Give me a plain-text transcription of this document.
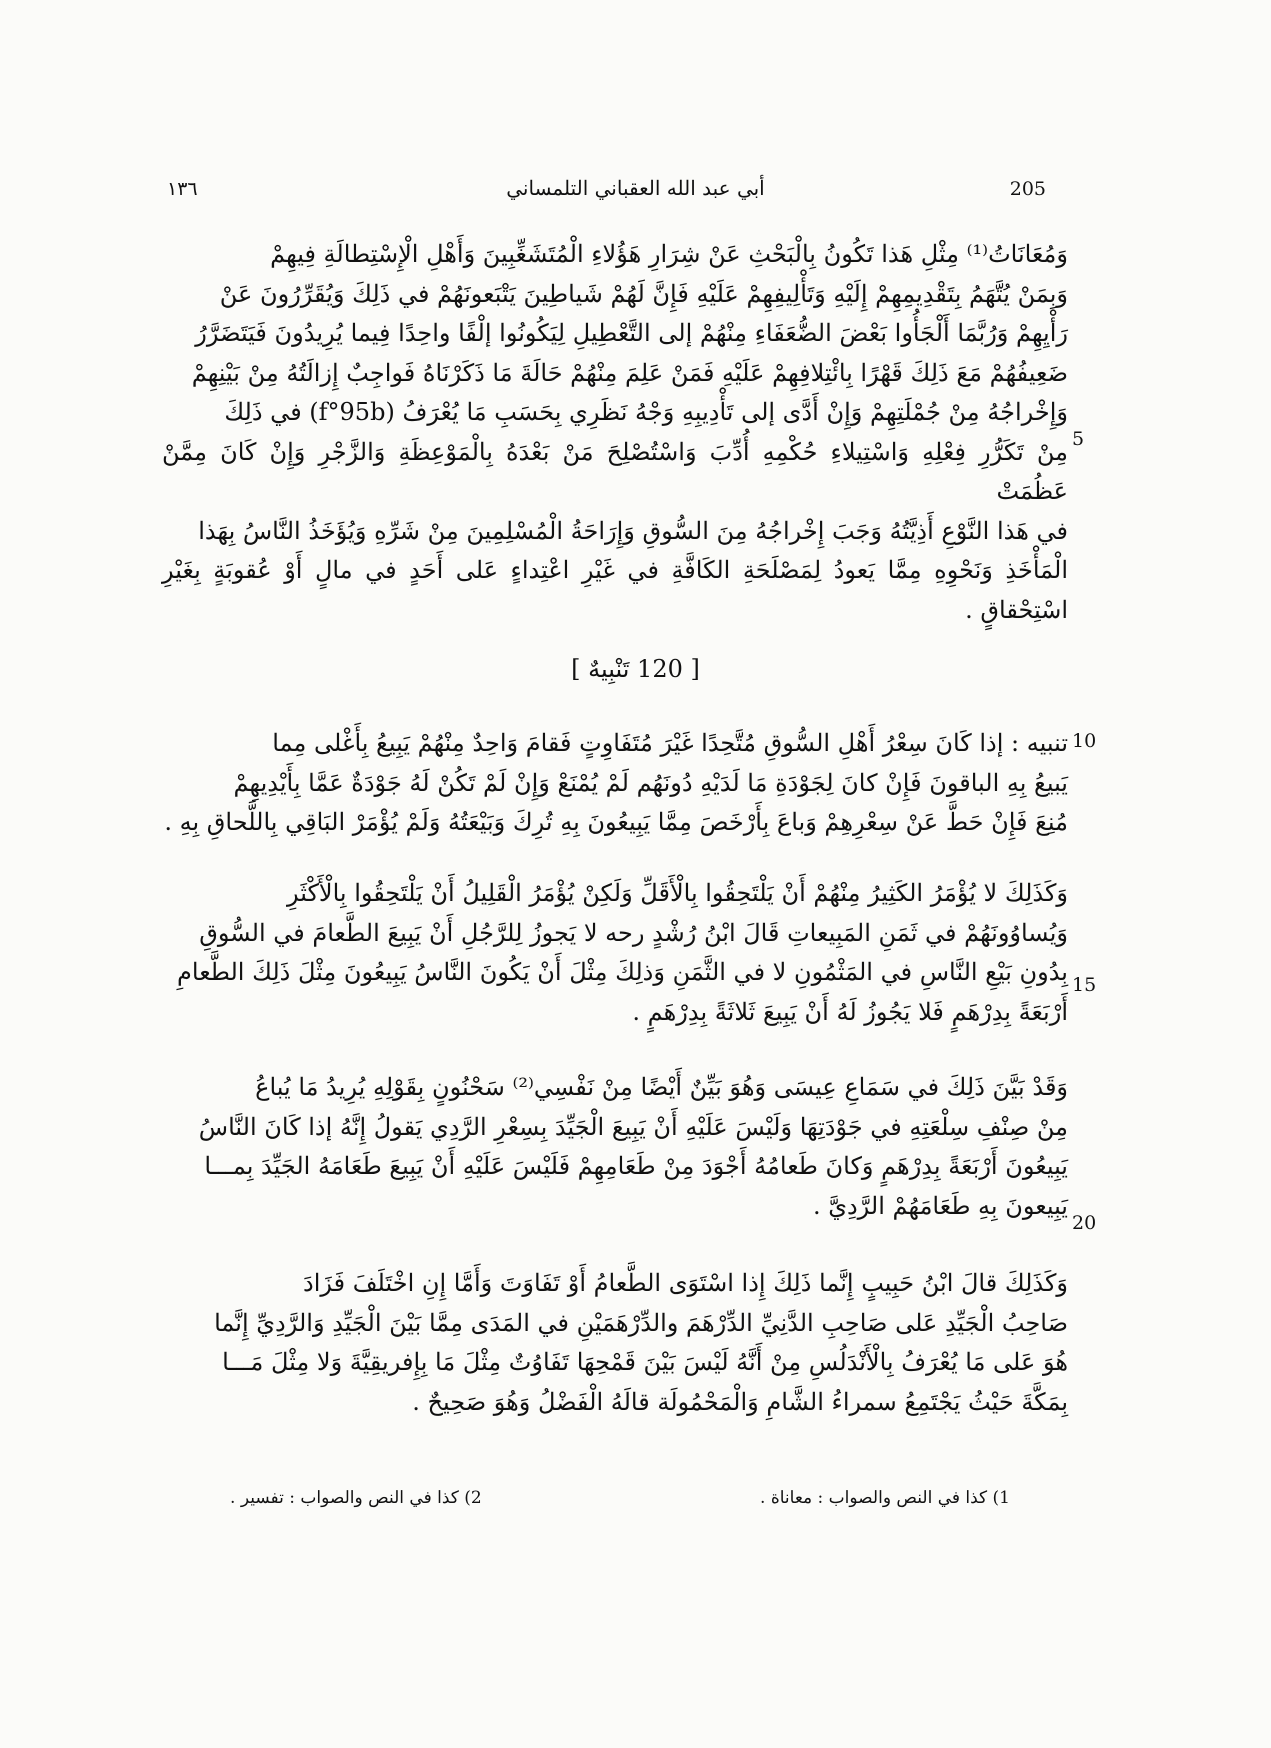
١٣٦	أبي عبد الله العقباني التلمساني	205

وَمُعَانَاتُ⁽¹⁾ مِثْلِ هَذا تَكُونُ بِالْبَحْثِ عَنْ شِرَارِ هَؤُلاءِ الْمُتَشَغِّبِينَ وَأَهْلِ الْإِسْتِطالَةِ فِيهِمْ

وَبِمَنْ يُتَّهَمُ بِتَقْدِيمِهِمْ إِلَيْهِ وَتَأْلِيفِهِمْ عَلَيْهِ فَإِنَّ لَهُمْ شَياطِينَ يَتْبَعونَهُمْ في ذَلِكَ وَيُقَرِّرُونَ عَنْ

رَأْيِهِمْ وَرُبَّمَا أَلْجَأُوا بَعْضَ الضُّعَفَاءِ مِنْهُمْ إلى التَّعْطِيلِ لِيَكُونُوا إلْفًا واحِدًا فِيما يُرِيدُونَ فَيَتَضَرَّرُ

ضَعِيفُهُمْ مَعَ ذَلِكَ قَهْرًا بِائْتِلافِهِمْ عَلَيْهِ فَمَنْ عَلِمَ مِنْهُمْ حَالَةَ مَا ذَكَرْنَاهُ فَواجِبٌ إِزالَتُهُ مِنْ بَيْنِهِمْ

وَإِخْراجُهُ مِنْ جُمْلَتِهِمْ وَإِنْ أَدَّى إلى تَأْدِيبِهِ وَجْهُ نَظَرِي بِحَسَبِ مَا يُعْرَفُ (f°95b) في ذَلِكَ

مِنْ تَكَرُّرِ فِعْلِهِ وَاسْتِيلاءِ حُكْمِهِ أُدِّبَ وَاسْتُصْلِحَ مَنْ بَعْدَهُ بِالْمَوْعِظَةِ وَالزَّجْرِ وَإِنْ كَانَ مِمَّنْ عَظُمَتْ

في هَذا النَّوْعِ أَذِيَّتُهُ وَجَبَ إِخْراجُهُ مِنَ السُّوقِ وَإِرَاحَةُ الْمُسْلِمِينَ مِنْ شَرِّهِ وَيُؤَخَذُ النَّاسُ بِهَذا

الْمَأْخَذِ وَنَحْوِهِ مِمَّا يَعودُ لِمَصْلَحَةِ الكَافَّةِ في غَيْرِ اعْتِداءٍ عَلى أَحَدٍ في مالٍ أَوْ عُقوبَةٍ بِغَيْرِ اسْتِحْقاقٍ .

5
[ 120 تَنْبِيهٌ ]

تنبيه : إذا كَانَ سِعْرُ أَهْلِ السُّوقِ مُتَّحِدًا غَيْرَ مُتَفَاوِتٍ فَقامَ وَاحِدٌ مِنْهُمْ يَبِيعُ بِأَغْلى مِما

يَبيعُ بِهِ الباقونَ فَإِنْ كانَ لِجَوْدَةِ مَا لَدَيْهِ دُونَهُم لَمْ يُمْنَعْ وَإِنْ لَمْ تَكُنْ لَهُ جَوْدَةٌ عَمَّا بِأَيْدِيهِمْ

مُنِعَ فَإِنْ حَطَّ عَنْ سِعْرِهِمْ وَباعَ بِأَرْخَصَ مِمَّا يَبِيعُونَ بِهِ تُرِكَ وَبَيْعَتُهُ وَلَمْ يُؤْمَرْ البَاقِي بِاللَّحاقِ بِهِ .

10

وَكَذَلِكَ لا يُؤْمَرُ الكَثِيرُ مِنْهُمْ أَنْ يَلْتَحِقُوا بِالْأَقَلِّ وَلَكِنْ يُؤْمَرُ الْقَلِيلُ أَنْ يَلْتَحِقُوا بِالْأَكْثَرِ

وَيُساوُونَهُمْ في ثَمَنِ المَبِيعاتِ قَالَ ابْنُ رُشْدٍ رحه لا يَجوزُ لِلرَّجُلِ أَنْ يَبِيعَ الطَّعامَ في السُّوقِ

بِدُونِ بَيْعِ النَّاسِ في المَثْمُونِ لا في الثَّمَنِ وَذلِكَ مِثْلَ أَنْ يَكُونَ النَّاسُ يَبِيعُونَ مِثْلَ ذَلِكَ الطَّعامِ

أَرْبَعَةً بِدِرْهَمٍ فَلا يَجُوزُ لَهُ أَنْ يَبِيعَ ثَلاثَةً بِدِرْهَمٍ .

15

وَقَدْ بَيَّنَ ذَلِكَ في سَمَاعِ عِيسَى وَهُوَ بَيِّنٌ أَيْضًا مِنْ نَفْسِي⁽²⁾ سَحْنُونٍ بِقَوْلِهِ يُرِيدُ مَا يُباعُ

مِنْ صِنْفِ سِلْعَتِهِ في جَوْدَتِهَا وَلَيْسَ عَلَيْهِ أَنْ يَبِيعَ الْجَيِّدَ بِسِعْرِ الرَّدِي يَقولُ إِنَّهُ إذا كَانَ النَّاسُ

يَبِيعُونَ أَرْبَعَةً بِدِرْهَمٍ وَكانَ طَعامُهُ أَجْوَدَ مِنْ طَعَامِهِمْ فَلَيْسَ عَلَيْهِ أَنْ يَبِيعَ طَعَامَهُ الجَيِّدَ بِمـــا

يَبِيعونَ بِهِ طَعَامَهُمْ الرَّدِيَّ .

20

وَكَذَلِكَ قالَ ابْنُ حَبِيبٍ إِنَّما ذَلِكَ إِذا اسْتَوَى الطَّعامُ أَوْ تَفَاوَتَ وَأَمَّا إِنِ اخْتَلَفَ فَزَادَ

صَاحِبُ الْجَيِّدِ عَلى صَاحِبِ الدَّنِيِّ الدِّرْهَمَ والدِّرْهَمَيْنِ في المَدَى مِمَّا بَيْنَ الْجَيِّدِ وَالرَّدِيِّ إِنَّما

هُوَ عَلى مَا يُعْرَفُ بِالْأَنْدَلُسِ مِنْ أَنَّهُ لَيْسَ بَيْنَ قَمْحِهَا تَفَاوُتٌ مِثْلَ مَا بِإِفريقِيَّةَ وَلا مِثْلَ مَـــا

بِمَكَّةَ حَيْثُ يَجْتَمِعُ سمراءُ الشَّامِ وَالْمَحْمُولَة قالَهُ الْفَضْلُ وَهُوَ صَحِيحٌ .

1) كذا في النص والصواب : معاناة .
2) كذا في النص والصواب : تفسير .
